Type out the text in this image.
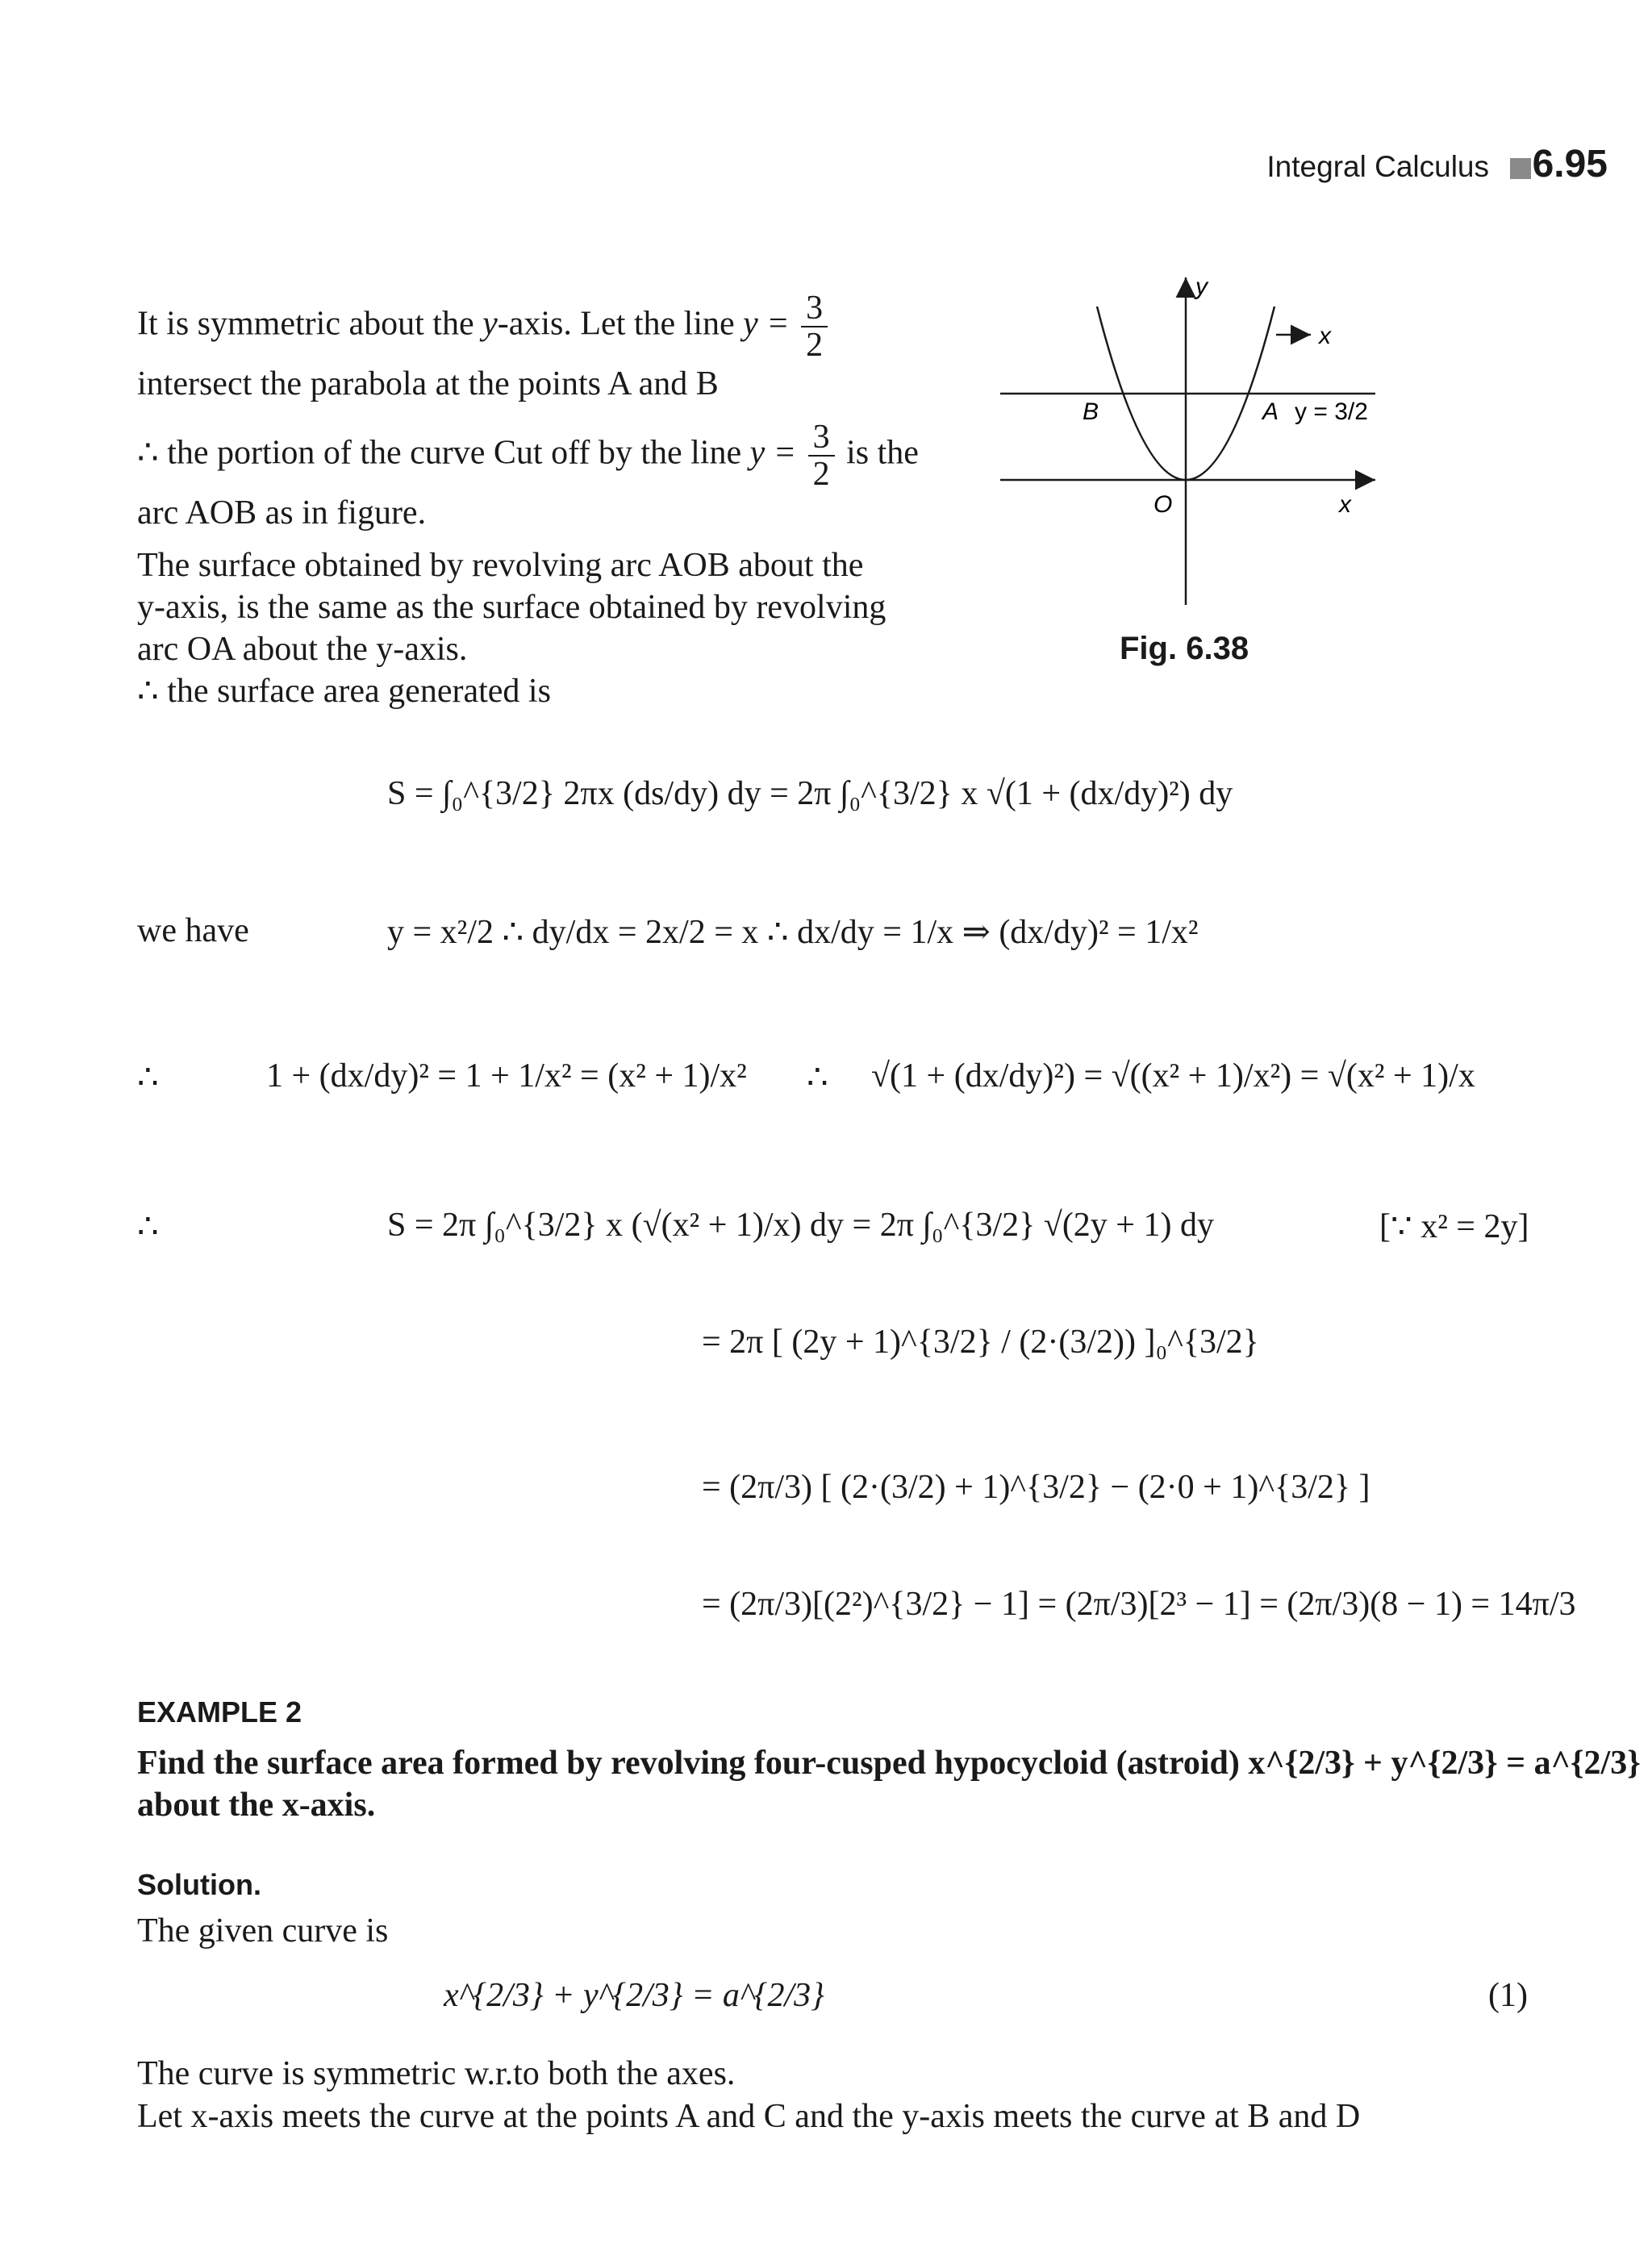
Integral Calculus 6.95
It is symmetric about the y-axis. Let the line $y = \frac{3}{2}$
intersect the parabola at the points A and B
∴ the portion of the curve Cut off by the line $y = \frac{3}{2}$ is the
arc AOB as in figure.
The surface obtained by revolving arc AOB about the
y-axis, is the same as the surface obtained by revolving
arc OA about the y-axis.
∴ the surface area generated is
y
x
B	A y = 3/2
O	x
Fig. 6.38
S = ∫₀^{3/2} 2πx (ds/dy) dy = 2π ∫₀^{3/2} x √(1 + (dx/dy)²) dy
we have	y = x²/2 ∴ dy/dx = 2x/2 = x ∴ dx/dy = 1/x ⇒ (dx/dy)² = 1/x²
∴	1 + (dx/dy)² = 1 + 1/x² = (x² + 1)/x² ∴ √(1 + (dx/dy)²) = √((x² + 1)/x²) = √(x² + 1)/x
∴	S = 2π ∫₀^{3/2} x (√(x² + 1)/x) dy = 2π ∫₀^{3/2} √(2y + 1) dy	[∵ x² = 2y]
= 2π [ (2y + 1)^{3/2} / (2·(3/2)) ]₀^{3/2}
= (2π/3) [ (2·(3/2) + 1)^{3/2} − (2·0 + 1)^{3/2} ]
= (2π/3)[(2²)^{3/2} − 1] = (2π/3)[2³ − 1] = (2π/3)(8 − 1) = 14π/3
EXAMPLE 2
Find the surface area formed by revolving four-cusped hypocycloid (astroid) x^{2/3} + y^{2/3} = a^{2/3}
about the x-axis.
Solution.
The given curve is
x^{2/3} + y^{2/3} = a^{2/3}	(1)
The curve is symmetric w.r.to both the axes.
Let x-axis meets the curve at the points A and C and the y-axis meets the curve at B and D
